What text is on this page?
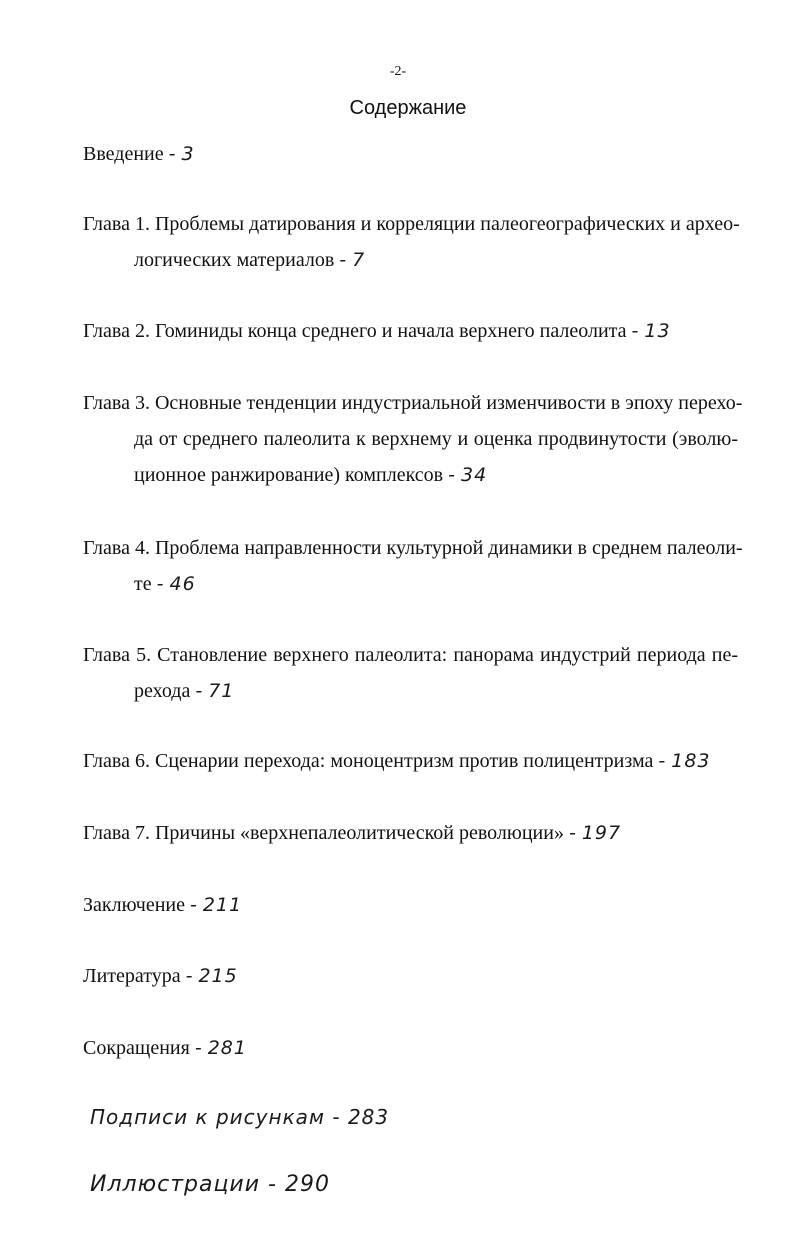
-2-
Содержание
Введение - 3
Глава 1. Проблемы датирования и корреляции палеогеографических и архео-
логических материалов - 7
Глава 2. Гоминиды конца среднего и начала верхнего палеолита - 13
Глава 3. Основные тенденции индустриальной изменчивости в эпоху перехо-
да от среднего палеолита к верхнему и оценка продвинутости (эволю-
ционное ранжирование) комплексов - 34
Глава 4. Проблема направленности культурной динамики в среднем палеоли-
те - 46
Глава 5. Становление верхнего палеолита: панорама индустрий периода пе-
рехода - 71
Глава 6. Сценарии перехода: моноцентризм против полицентризма - 183
Глава 7. Причины «верхнепалеолитической революции» - 197
Заключение - 211
Литература - 215
Сокращения - 281
Подписи к рисункам - 283
Иллюстрации - 290
